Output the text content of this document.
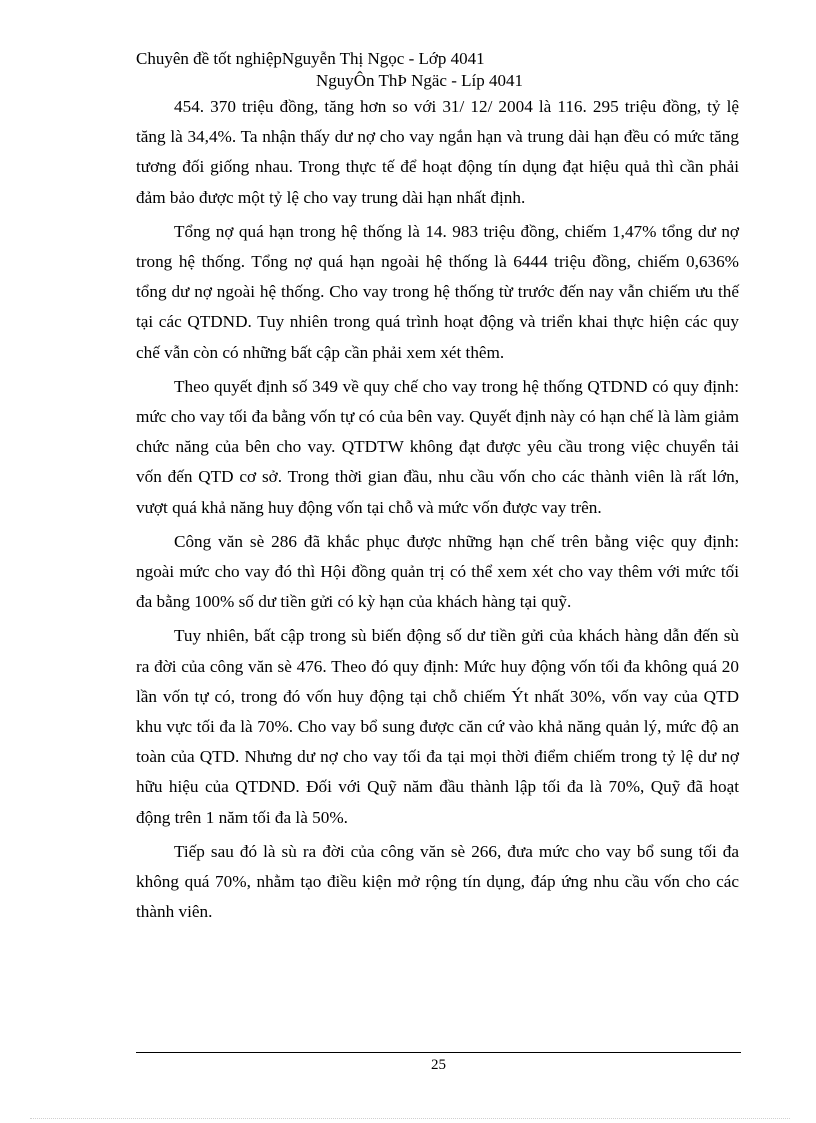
Chuyên đề tốt nghiệpNguyễn Thị Ngọc - Lớp 4041
NguyÔn ThÞ Ngäc - Líp 4041

454. 370 triệu đồng, tăng hơn so với 31/ 12/ 2004 là 116. 295 triệu đồng, tỷ lệ tăng là 34,4%. Ta nhận thấy dư nợ cho vay ngắn hạn và trung dài hạn đều có mức tăng tương đối giống nhau. Trong thực tế để hoạt động tín dụng đạt hiệu quả thì cần phải đảm bảo được một tỷ lệ cho vay trung dài hạn nhất định.

Tổng nợ quá hạn trong hệ thống là 14. 983 triệu đồng, chiếm 1,47% tổng dư nợ trong hệ thống. Tổng nợ quá hạn ngoài hệ thống là 6444 triệu đồng, chiếm 0,636% tổng dư nợ ngoài hệ thống. Cho vay trong hệ thống từ trước đến nay vẫn chiếm ưu thế tại các QTDND. Tuy nhiên trong quá trình hoạt động và triển khai thực hiện các quy chế vẫn còn có những bất cập cần phải xem xét thêm.

Theo quyết định số 349 về quy chế cho vay trong hệ thống QTDND có quy định: mức cho vay tối đa bằng vốn tự có của bên vay. Quyết định này có hạn chế là làm giảm chức năng của bên cho vay. QTDTW không đạt được yêu cầu trong việc chuyển tải vốn đến QTD cơ sở. Trong thời gian đầu, nhu cầu vốn cho các thành viên là rất lớn, vượt quá khả năng huy động vốn tại chỗ và mức vốn được vay trên.

Công văn sè 286 đã khắc phục được những hạn chế trên bằng việc quy định: ngoài mức cho vay đó thì Hội đồng quản trị có thể xem xét cho vay thêm với mức tối đa bằng 100% số dư tiền gửi có kỳ hạn của khách hàng tại quỹ.

Tuy nhiên, bất cập trong sù biến động số dư tiền gửi của khách hàng dẫn đến sù ra đời của công văn sè 476. Theo đó quy định: Mức huy động vốn tối đa không quá 20 lần vốn tự có, trong đó vốn huy động tại chỗ chiếm Ýt nhất 30%, vốn vay của QTD khu vực tối đa là 70%. Cho vay bổ sung được căn cứ vào khả năng quản lý, mức độ an toàn của QTD. Nhưng dư nợ cho vay tối đa tại mọi thời điểm chiếm trong tỷ lệ dư nợ hữu hiệu của QTDND. Đối với Quỹ năm đầu thành lập tối đa là 70%, Quỹ đã hoạt động trên 1 năm tối đa là 50%.

Tiếp sau đó là sù ra đời của công văn sè 266, đưa mức cho vay bổ sung tối đa không quá 70%, nhằm tạo điều kiện mở rộng tín dụng, đáp ứng nhu cầu vốn cho các thành viên.

25
